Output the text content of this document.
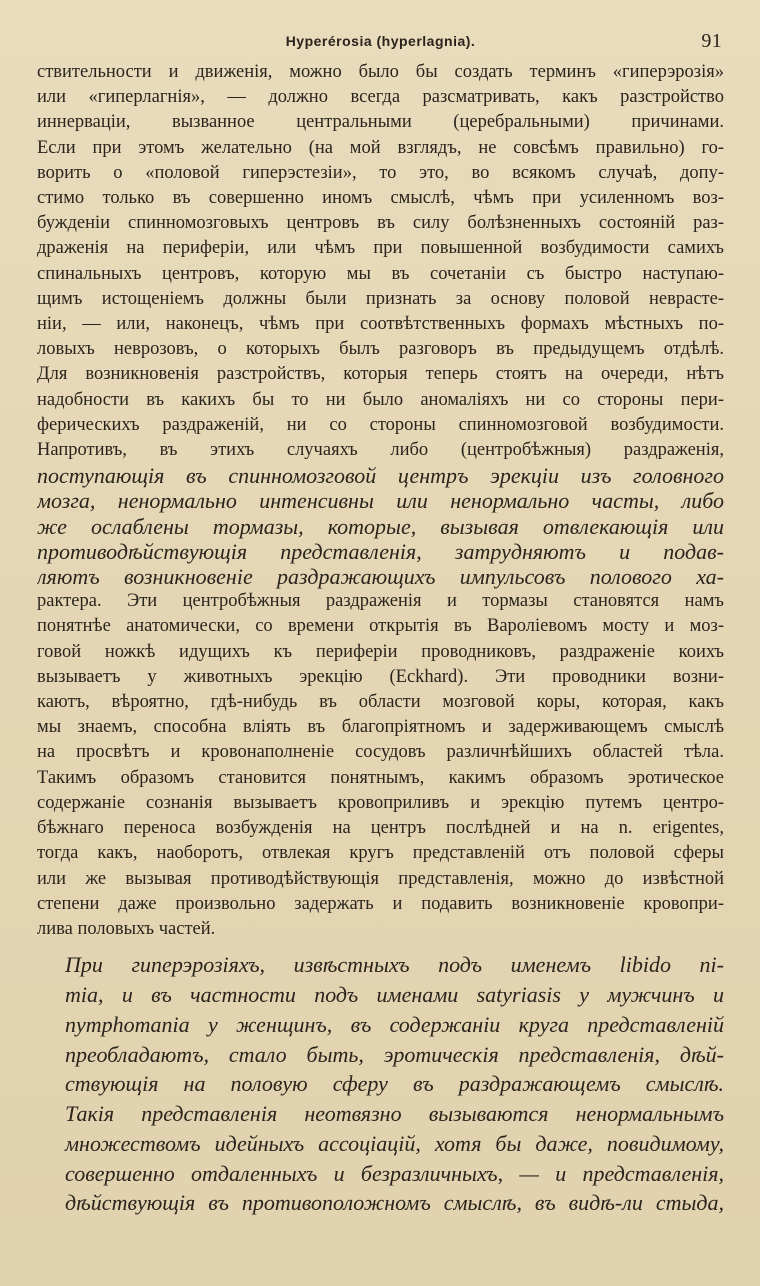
Hyperérosia (hyperlagnia).	91

ствительности и движенія, можно было бы создать терминъ «гиперэрозія»
или «гиперлагнія», — должно всегда разсматривать, какъ разстройство
иннерваціи, вызванное центральными (церебральными) причинами.
Если при этомъ желательно (на мой взглядъ, не совсѣмъ правильно) го-
ворить о «половой гиперэстезіи», то это, во всякомъ случаѣ, допу-
стимо только въ совершенно иномъ смыслѣ, чѣмъ при усиленномъ воз-
бужденіи спинномозговыхъ центровъ въ силу болѣзненныхъ состояній раз-
драженія на периферіи, или чѣмъ при повышенной возбудимости самихъ
спинальныхъ центровъ, которую мы въ сочетаніи съ быстро наступаю-
щимъ истощеніемъ должны были признать за основу половой неврасте-
ніи, — или, наконецъ, чѣмъ при соотвѣтственныхъ формахъ мѣстныхъ по-
ловыхъ неврозовъ, о которыхъ былъ разговоръ въ предыдущемъ отдѣлѣ.
Для возникновенія разстройствъ, которыя теперь стоятъ на очереди, нѣтъ
надобности въ какихъ бы то ни было аномаліяхъ ни со стороны пери-
ферическихъ раздраженій, ни со стороны спинномозговой возбудимости.
Напротивъ, въ этихъ случаяхъ либо (центробѣжныя) раздраженія,
поступающія въ спинномозговой центръ эрекціи изъ головного
мозга, ненормально интенсивны или ненормально часты, либо
же ослаблены тормазы, которые, вызывая отвлекающія или
противодѣйствующія представленія, затрудняютъ и подав-
ляютъ возникновеніе раздражающихъ импульсовъ полового ха-
рактера. Эти центробѣжныя раздраженія и тормазы становятся намъ
понятнѣе анатомически, со времени открытія въ Вароліевомъ мосту и моз-
говой ножкѣ идущихъ къ периферіи проводниковъ, раздраженіе коихъ
вызываетъ у животныхъ эрекцію (Eckhard). Эти проводники возни-
каютъ, вѣроятно, гдѣ-нибудь въ области мозговой коры, которая, какъ
мы знаемъ, способна вліять въ благопріятномъ и задерживающемъ смыслѣ
на просвѣтъ и кровонаполненіе сосудовъ различнѣйшихъ областей тѣла.
Такимъ образомъ становится понятнымъ, какимъ образомъ эротическое
содержаніе сознанія вызываетъ кровоприливъ и эрекцію путемъ центро-
бѣжнаго переноса возбужденія на центръ послѣдней и на n. erigentes,
тогда какъ, наоборотъ, отвлекая кругъ представленій отъ половой сферы
или же вызывая противодѣйствующія представленія, можно до извѣстной
степени даже произвольно задержать и подавить возникновеніе кровопри-
лива половыхъ частей.

При гиперэрозіяхъ, извѣстныхъ подъ именемъ libido ni-
mia, и въ частности подъ именами satyriasis у мужчинъ и
nymphomania у женщинъ, въ содержаніи круга представленій
преобладаютъ, стало быть, эротическія представленія, дѣй-
ствующія на половую сферу въ раздражающемъ смыслѣ.
Такія представленія неотвязно вызываются ненормальнымъ
множествомъ идейныхъ ассоціацій, хотя бы даже, повидимому,
совершенно отдаленныхъ и безразличныхъ, — и представленія,
дѣйствующія въ противоположномъ смыслѣ, въ видѣ-ли стыда,
